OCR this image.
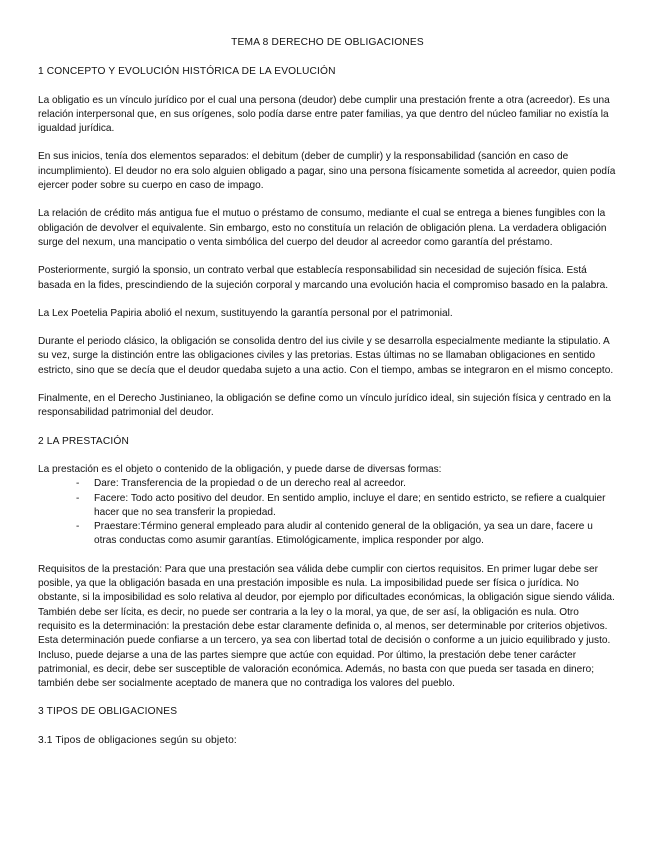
TEMA 8 DERECHO DE OBLIGACIONES
1 CONCEPTO Y EVOLUCIÓN HISTÓRICA DE LA EVOLUCIÓN

La obligatio es un vínculo jurídico por el cual una persona (deudor) debe cumplir una prestación frente a otra (acreedor). Es una relación interpersonal que, en sus orígenes, solo podía darse entre pater familias, ya que dentro del núcleo familiar no existía la igualdad jurídica.

En sus inicios, tenía dos elementos separados: el debitum (deber de cumplir) y la responsabilidad (sanción en caso de incumplimiento). El deudor no era solo alguien obligado a pagar, sino una persona físicamente sometida al acreedor, quien podía ejercer poder sobre su cuerpo en caso de impago.

La relación de crédito más antigua fue el mutuo o préstamo de consumo, mediante el cual se entrega a bienes fungibles con la obligación de devolver el equivalente. Sin embargo, esto no constituía un relación de obligación plena. La verdadera obligación surge del nexum, una mancipatio o venta simbólica del cuerpo del deudor al acreedor como garantía del préstamo.

Posteriormente, surgió la sponsio, un contrato verbal que establecía responsabilidad sin necesidad de sujeción física. Está basada en la fides, prescindiendo de la sujeción corporal y marcando una evolución hacia el compromiso basado en la palabra.

La Lex Poetelia Papiria abolió el nexum, sustituyendo la garantía personal por el patrimonial.

Durante el periodo clásico, la obligación se consolida dentro del ius civile y se desarrolla especialmente mediante la stipulatio. A su vez, surge la distinción entre las obligaciones civiles y las pretorias. Estas últimas no se llamaban obligaciones en sentido estricto, sino que se decía que el deudor quedaba sujeto a una actio. Con el tiempo, ambas se integraron en el mismo concepto.

Finalmente, en el Derecho Justinianeo, la obligación se define como un vínculo jurídico ideal, sin sujeción física y centrado en la responsabilidad patrimonial del deudor.

2 LA PRESTACIÓN

La prestación es el objeto o contenido de la obligación, y puede darse de diversas formas:

- Dare: Transferencia de la propiedad o de un derecho real al acreedor.
- Facere: Todo acto positivo del deudor. En sentido amplio, incluye el dare; en sentido estricto, se refiere a cualquier hacer que no sea transferir la propiedad.
- Praestare:Término general empleado para aludir al contenido general de la obligación, ya sea un dare, facere u otras conductas como asumir garantías. Etimológicamente, implica responder por algo.

Requisitos de la prestación: Para que una prestación sea válida debe cumplir con ciertos requisitos. En primer lugar debe ser posible, ya que la obligación basada en una prestación imposible es nula. La imposibilidad puede ser física o jurídica. No obstante, si la imposibilidad es solo relativa al deudor, por ejemplo por dificultades económicas, la obligación sigue siendo válida. También debe ser lícita, es decir, no puede ser contraria a la ley o la moral, ya que, de ser así, la obligación es nula. Otro requisito es la determinación: la prestación debe estar claramente definida o, al menos, ser determinable por criterios objetivos. Esta determinación puede confiarse a un tercero, ya sea con libertad total de decisión o conforme a un juicio equilibrado y justo. Incluso, puede dejarse a una de las partes siempre que actúe con equidad. Por último, la prestación debe tener carácter patrimonial, es decir, debe ser susceptible de valoración económica. Además, no basta con que pueda ser tasada en dinero; también debe ser socialmente aceptado de manera que no contradiga los valores del pueblo.

3 TIPOS DE OBLIGACIONES
3.1 Tipos de obligaciones según su objeto:
